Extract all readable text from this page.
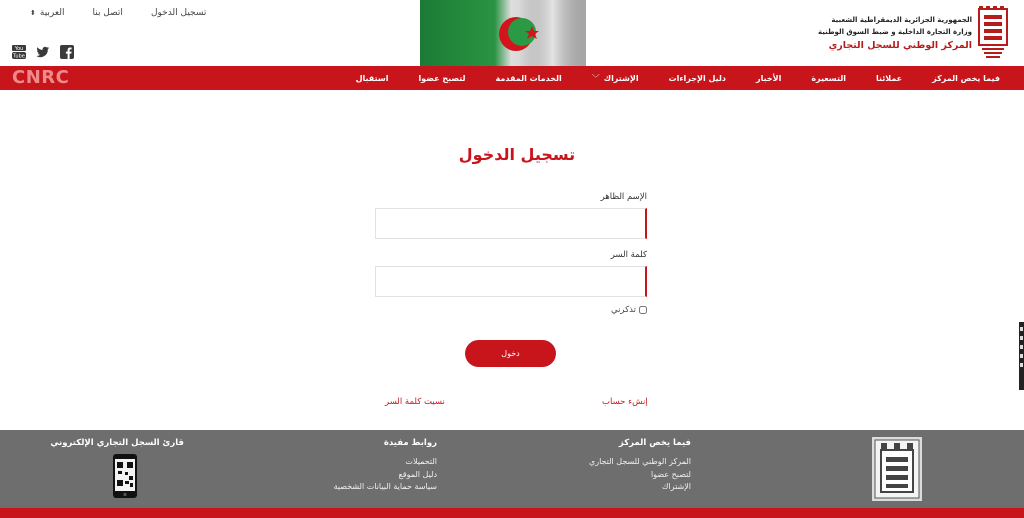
⬍ العربية	اتصل بنا	تسجيل الدخول
You
Tube
الجمهورية الجزائرية الديمقراطية الشعبية
وزارة التجارة الداخلية و ضبط السوق الوطنية
المركز الوطني للسجل التجاري
CNRC	استقبال	لتصبح عضوا	الخدمات المقدمة	الإشتراك
﹀	دليل الإجراءات	الأخبار	التسعيرة	عملائنا	فيما يخص المركز
تسجيل الدخول
الإسم الظاهر
كلمة السر
تذكرني
دخول
إنشء حساب
نسيت كلمة السر
فيما يخص المركز
المركز الوطني للسجل التجاري
لتصبح عضوا
الإشتراك
روابط مفيدة
التحميلات
دليل الموقع
سياسة حماية البيانات الشخصية
قارئ السجل التجاري الإلكتروني
